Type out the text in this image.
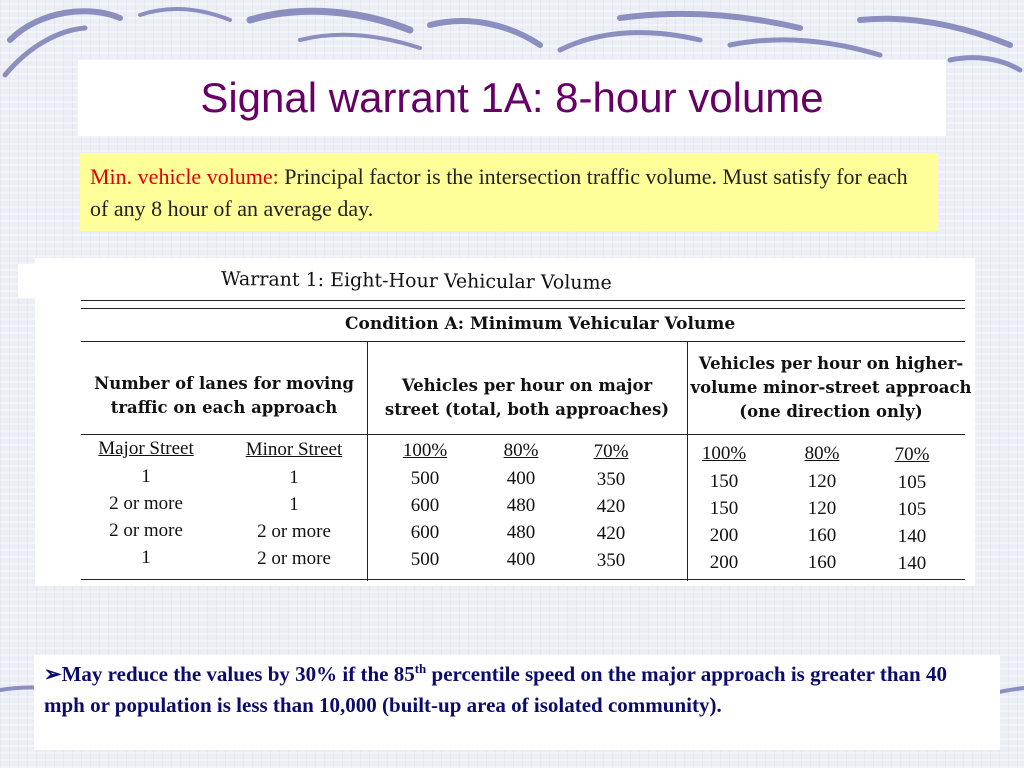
Signal warrant 1A: 8-hour volume
Min. vehicle volume: Principal factor is the intersection traffic volume. Must satisfy for each of any 8 hour of an average day.
Warrant 1: Eight-Hour Vehicular Volume
Condition A: Minimum Vehicular Volume
Number of lanes for moving
traffic on each approach
Vehicles per hour on major
street (total, both approaches)
Vehicles per hour on higher-
volume minor-street approach
(one direction only)
Major Street	Minor Street	100%	80%	70%	100%	80%	70%
1	1	500	400	350	150	120	105
2 or more	1	600	480	420	150	120	105
2 or more	2 or more	600	480	420	200	160	140
1	2 or more	500	400	350	200	160	140
➢May reduce the values by 30% if the 85th percentile speed on the major approach is greater than 40 mph or population is less than 10,000 (built-up area of isolated community).
